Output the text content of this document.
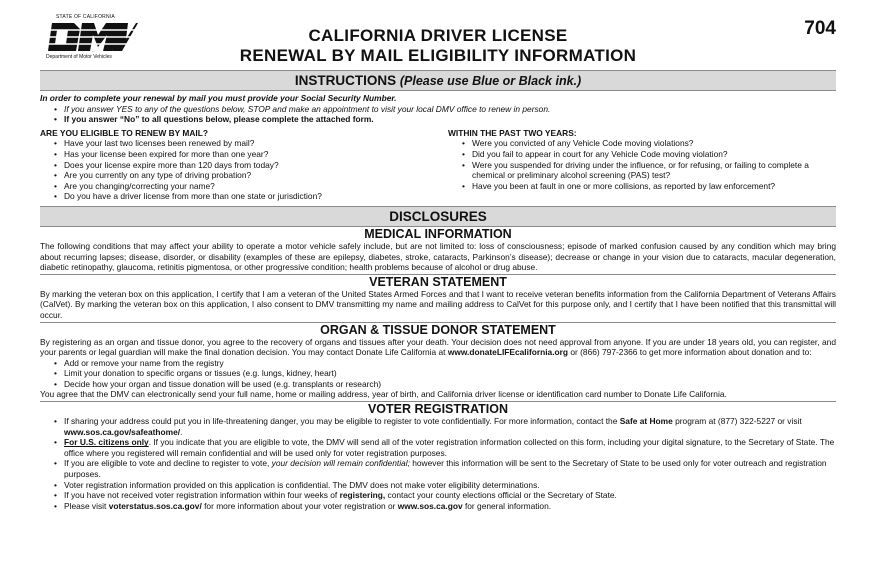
STATE OF CALIFORNIA
DMV
Department of Motor Vehicles
CALIFORNIA DRIVER LICENSE
RENEWAL BY MAIL ELIGIBILITY INFORMATION
704
INSTRUCTIONS (Please use Blue or Black ink.)
In order to complete your renewal by mail you must provide your Social Security Number.
• If you answer YES to any of the questions below, STOP and make an appointment to visit your local DMV office to renew in person.
• If you answer “No” to all questions below, please complete the attached form.
ARE YOU ELIGIBLE TO RENEW BY MAIL?
• Have your last two licenses been renewed by mail?
• Has your license been expired for more than one year?
• Does your license expire more than 120 days from today?
• Are you currently on any type of driving probation?
• Are you changing/correcting your name?
• Do you have a driver license from more than one state or jurisdiction?
WITHIN THE PAST TWO YEARS:
• Were you convicted of any Vehicle Code moving violations?
• Did you fail to appear in court for any Vehicle Code moving violation?
• Were you suspended for driving under the influence, or for refusing, or failing to complete a chemical or preliminary alcohol screening (PAS) test?
• Have you been at fault in one or more collisions, as reported by law enforcement?
DISCLOSURES
MEDICAL INFORMATION
The following conditions that may affect your ability to operate a motor vehicle safely include, but are not limited to: loss of consciousness; episode of marked confusion caused by any condition which may bring about recurring lapses; disease, disorder, or disability (examples of these are epilepsy, diabetes, stroke, cataracts, Parkinson’s disease); decrease or change in your vision due to cataracts, macular degeneration, diabetic retinopathy, glaucoma, retinitis pigmentosa, or other progressive condition; health problems because of alcohol or drug abuse.
VETERAN STATEMENT
By marking the veteran box on this application, I certify that I am a veteran of the United States Armed Forces and that I want to receive veteran benefits information from the California Department of Veterans Affairs (CalVet). By marking the veteran box on this application, I also consent to DMV transmitting my name and mailing address to CalVet for this purpose only, and I certify that I have been notified that this transmittal will occur.
ORGAN & TISSUE DONOR STATEMENT
By registering as an organ and tissue donor, you agree to the recovery of organs and tissues after your death. Your decision does not need approval from anyone. If you are under 18 years old, you can register, and your parents or legal guardian will make the final donation decision. You may contact Donate Life California at www.donateLIFEcalifornia.org or (866) 797-2366 to get more information about donation and to:
• Add or remove your name from the registry
• Limit your donation to specific organs or tissues (e.g. lungs, kidney, heart)
• Decide how your organ and tissue donation will be used (e.g. transplants or research)
You agree that the DMV can electronically send your full name, home or mailing address, year of birth, and California driver license or identification card number to Donate Life California.
VOTER REGISTRATION
• If sharing your address could put you in life-threatening danger, you may be eligible to register to vote confidentially. For more information, contact the Safe at Home program at (877) 322-5227 or visit www.sos.ca.gov/safeathome/.
• For U.S. citizens only. If you indicate that you are eligible to vote, the DMV will send all of the voter registration information collected on this form, including your digital signature, to the Secretary of State. The office where you registered will remain confidential and will be used only for voter registration purposes.
• If you are eligible to vote and decline to register to vote, your decision will remain confidential; however this information will be sent to the Secretary of State to be used only for voter outreach and registration purposes.
• Voter registration information provided on this application is confidential. The DMV does not make voter eligibility determinations.
• If you have not received voter registration information within four weeks of registering, contact your county elections official or the Secretary of State.
• Please visit voterstatus.sos.ca.gov/ for more information about your voter registration or www.sos.ca.gov for general information.
